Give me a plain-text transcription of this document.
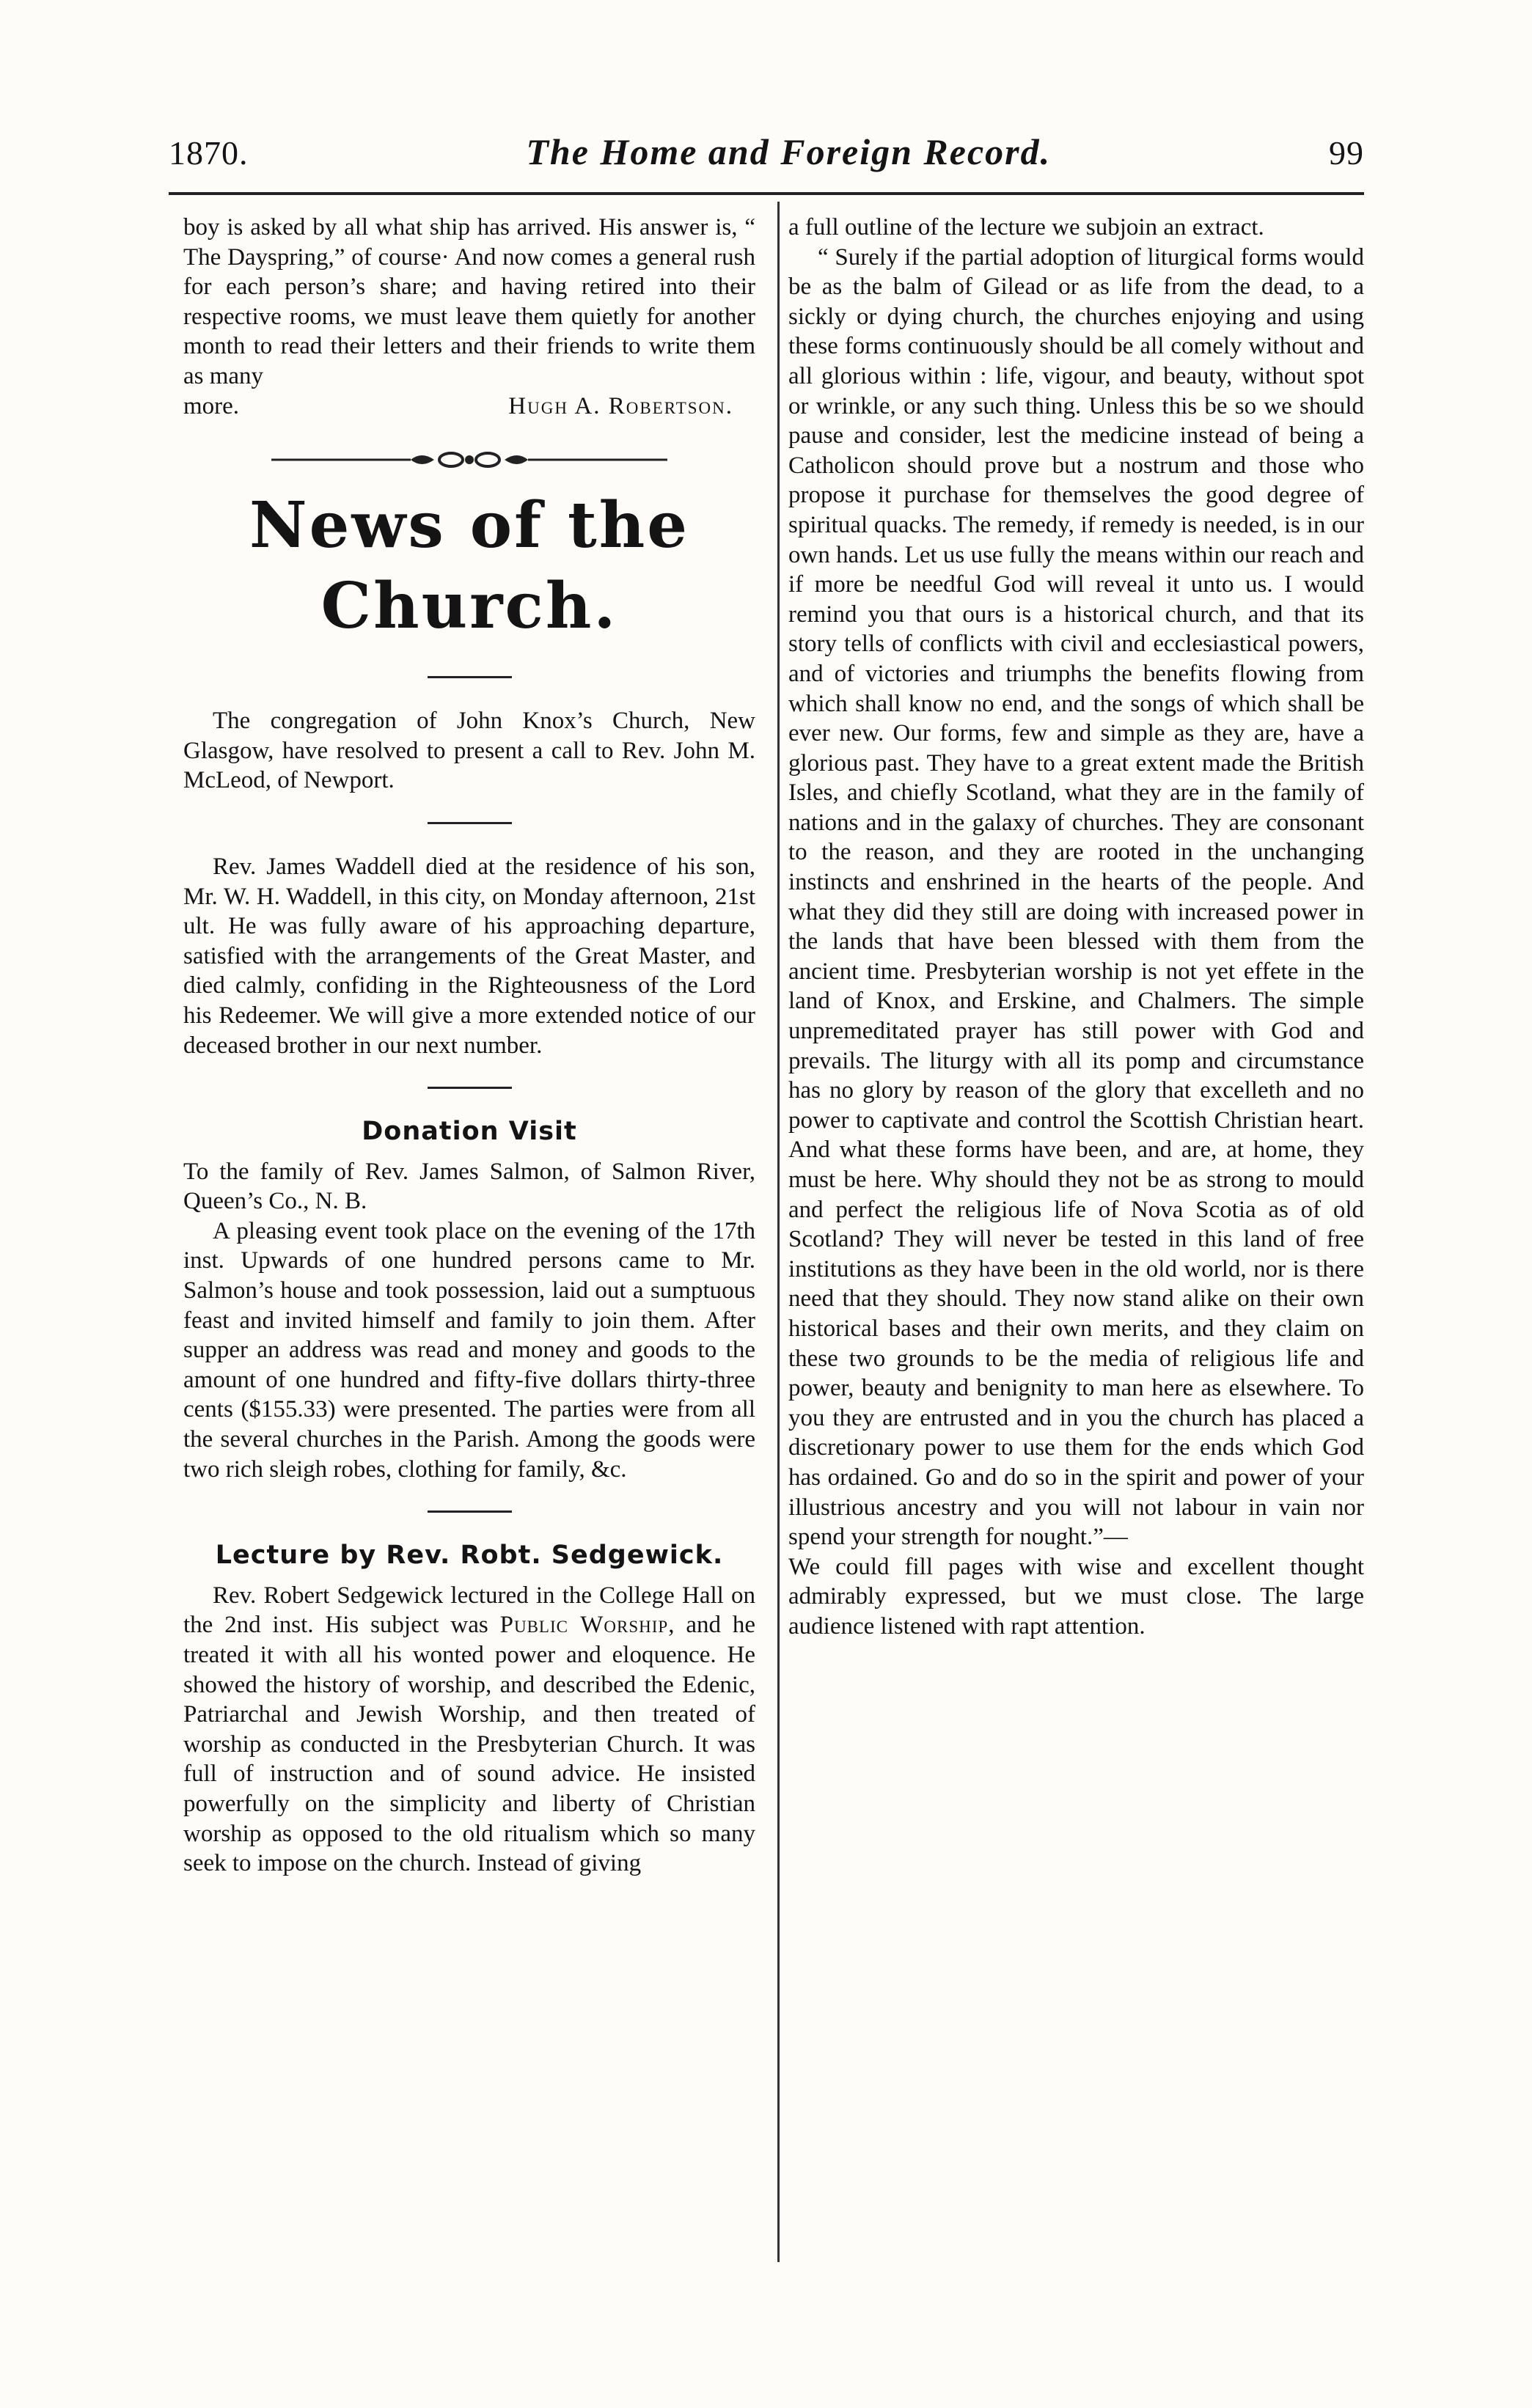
1870.	The Home and Foreign Record.	99

boy is asked by all what ship has arrived. His answer is, “ The Dayspring,” of course· And now comes a general rush for each person’s share; and having retired into their respective rooms, we must leave them quietly for another month to read their letters and their friends to write them as many

more.	Hugh A. Robertson.
News of the Church.

The congregation of John Knox’s Church, New Glasgow, have resolved to present a call to Rev. John M. McLeod, of Newport.

Rev. James Waddell died at the residence of his son, Mr. W. H. Waddell, in this city, on Monday afternoon, 21st ult. He was fully aware of his approaching departure, satisfied with the arrangements of the Great Master, and died calmly, confiding in the Righteousness of the Lord his Redeemer. We will give a more extended notice of our deceased brother in our next number.

Donation Visit

To the family of Rev. James Salmon, of Salmon River, Queen’s Co., N. B.

A pleasing event took place on the evening of the 17th inst. Upwards of one hundred persons came to Mr. Salmon’s house and took possession, laid out a sumptuous feast and invited himself and family to join them. After supper an address was read and money and goods to the amount of one hundred and fifty-five dollars thirty-three cents ($155.33) were presented. The parties were from all the several churches in the Parish. Among the goods were two rich sleigh robes, clothing for family, &c.

Lecture by Rev. Robt. Sedgewick.

Rev. Robert Sedgewick lectured in the College Hall on the 2nd inst. His subject was Public Worship, and he treated it with all his wonted power and eloquence. He showed the history of worship, and described the Edenic, Patriarchal and Jewish Worship, and then treated of worship as conducted in the Presbyterian Church. It was full of instruction and of sound advice. He insisted powerfully on the simplicity and liberty of Christian worship as opposed to the old ritualism which so many seek to impose on the church. Instead of giving

a full outline of the lecture we subjoin an extract.

“ Surely if the partial adoption of liturgical forms would be as the balm of Gilead or as life from the dead, to a sickly or dying church, the churches enjoying and using these forms continuously should be all comely without and all glorious within : life, vigour, and beauty, without spot or wrinkle, or any such thing. Unless this be so we should pause and consider, lest the medicine instead of being a Catholicon should prove but a nostrum and those who propose it purchase for themselves the good degree of spiritual quacks. The remedy, if remedy is needed, is in our own hands. Let us use fully the means within our reach and if more be needful God will reveal it unto us. I would remind you that ours is a historical church, and that its story tells of conflicts with civil and ecclesiastical powers, and of victories and triumphs the benefits flowing from which shall know no end, and the songs of which shall be ever new. Our forms, few and simple as they are, have a glorious past. They have to a great extent made the British Isles, and chiefly Scotland, what they are in the family of nations and in the galaxy of churches. They are consonant to the reason, and they are rooted in the unchanging instincts and enshrined in the hearts of the people. And what they did they still are doing with increased power in the lands that have been blessed with them from the ancient time. Presbyterian worship is not yet effete in the land of Knox, and Erskine, and Chalmers. The simple unpremeditated prayer has still power with God and prevails. The liturgy with all its pomp and circumstance has no glory by reason of the glory that excelleth and no power to captivate and control the Scottish Christian heart. And what these forms have been, and are, at home, they must be here. Why should they not be as strong to mould and perfect the religious life of Nova Scotia as of old Scotland? They will never be tested in this land of free institutions as they have been in the old world, nor is there need that they should. They now stand alike on their own historical bases and their own merits, and they claim on these two grounds to be the media of religious life and power, beauty and benignity to man here as elsewhere. To you they are entrusted and in you the church has placed a discretionary power to use them for the ends which God has ordained. Go and do so in the spirit and power of your illustrious ancestry and you will not labour in vain nor spend your strength for nought.”—

We could fill pages with wise and excellent thought admirably expressed, but we must close. The large audience listened with rapt attention.
